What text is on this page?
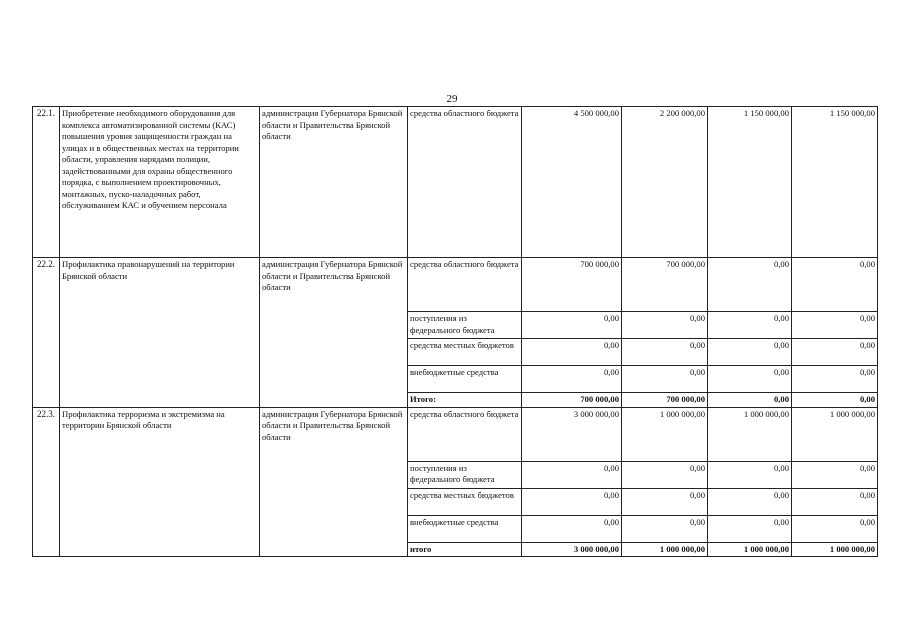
29
22.1.	Приобретение необходимого оборудования для комплекса автоматизированной системы (КАС) повышения уровня защищенности граждан на улицах и в общественных местах на территории области, управления нарядами полиции, задействованными для охраны общественного порядка, с выполнением проектировочных, монтажных, пуско-наладочных работ, обслуживанием КАС и обучением персонала	администрация Губернатора Брянской области и Правительства Брянской области	средства областного бюджета	4 500 000,00	2 200 000,00	1 150 000,00	1 150 000,00
22.2.	Профилактика правонарушений на территории Брянской области	администрация Губернатора Брянской области и Правительства Брянской области	средства областного бюджета	700 000,00	700 000,00	0,00	0,00
			поступления из федерального бюджета	0,00	0,00	0,00	0,00
			средства местных бюджетов	0,00	0,00	0,00	0,00
			внебюджетные средства	0,00	0,00	0,00	0,00
			Итого:	700 000,00	700 000,00	0,00	0,00
22.3.	Профилактика терроризма и экстремизма на территории Брянской области	администрация Губернатора Брянской области и Правительства Брянской области	средства областного бюджета	3 000 000,00	1 000 000,00	1 000 000,00	1 000 000,00
			поступления из федерального бюджета	0,00	0,00	0,00	0,00
			средства местных бюджетов	0,00	0,00	0,00	0,00
			внебюджетные средства	0,00	0,00	0,00	0,00
			итого	3 000 000,00	1 000 000,00	1 000 000,00	1 000 000,00
